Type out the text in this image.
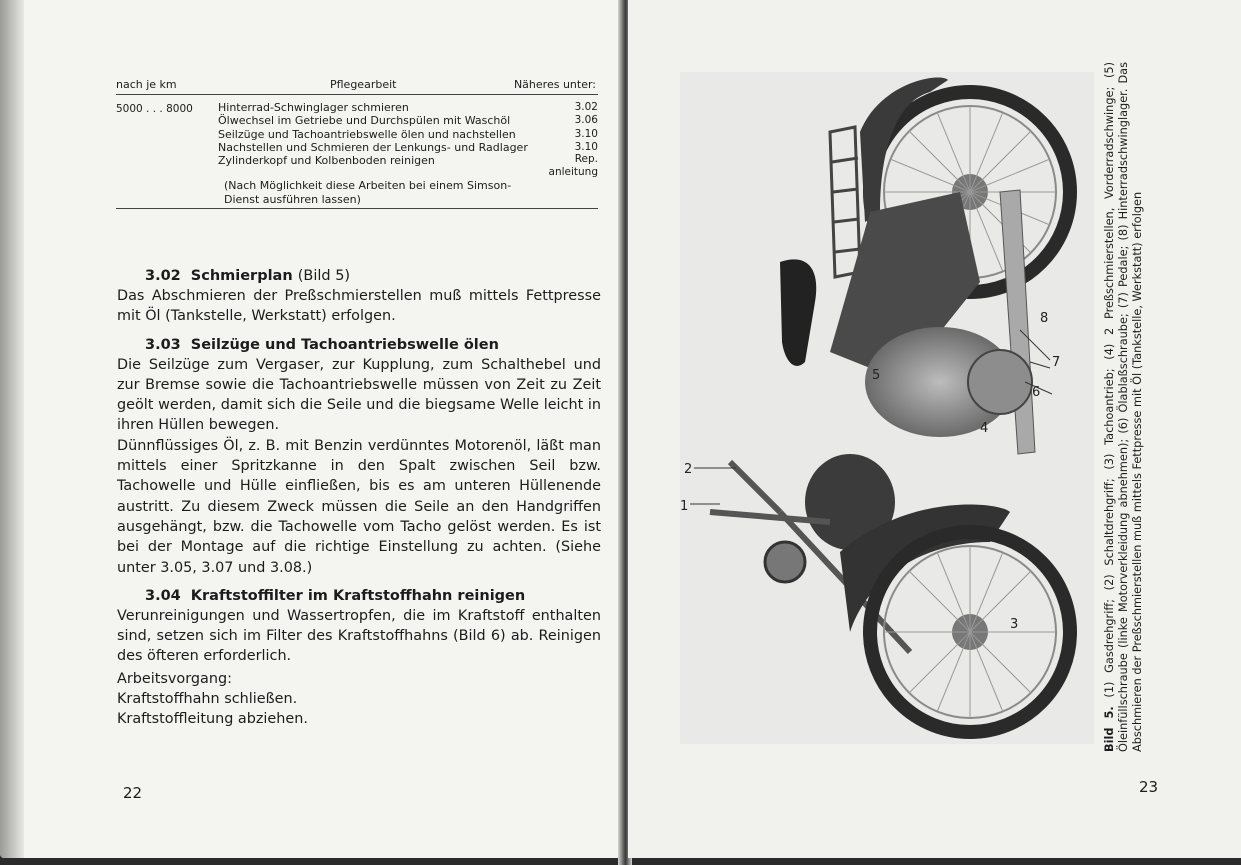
nach je km	Pflegearbeit	Näheres unter:
5000 . . . 8000	Hinterrad-Schwinglager schmieren	3.02
Ölwechsel im Getriebe und Durchspülen mit Waschöl	3.06
Seilzüge und Tachoantriebswelle ölen und nachstellen	3.10
Nachstellen und Schmieren der Lenkungs- und Radlager	3.10
Zylinderkopf und Kolbenboden reinigen	Rep. anleitung
(Nach Möglichkeit diese Arbeiten bei einem Simson-Dienst ausführen lassen)

3.02 Schmierplan (Bild 5)

Das Abschmieren der Preßschmierstellen muß mittels Fettpresse mit Öl (Tankstelle, Werkstatt) erfolgen.

3.03 Seilzüge und Tachoantriebswelle ölen

Die Seilzüge zum Vergaser, zur Kupplung, zum Schalthebel und zur Bremse sowie die Tachoantriebswelle müssen von Zeit zu Zeit geölt werden, damit sich die Seile und die biegsame Welle leicht in ihren Hüllen bewegen.

Dünnflüssiges Öl, z. B. mit Benzin verdünntes Motorenöl, läßt man mittels einer Spritzkanne in den Spalt zwischen Seil bzw. Tachowelle und Hülle einfließen, bis es am unteren Hüllenende austritt. Zu diesem Zweck müssen die Seile an den Handgriffen ausgehängt, bzw. die Tachowelle vom Tacho gelöst werden. Es ist bei der Montage auf die richtige Einstellung zu achten. (Siehe unter 3.05, 3.07 und 3.08.)

3.04 Kraftstoffilter im Kraftstoffhahn reinigen

Verunreinigungen und Wassertropfen, die im Kraftstoff enthalten sind, setzen sich im Filter des Kraftstoffhahns (Bild 6) ab. Reinigen des öfteren erforderlich.

Arbeitsvorgang:

Kraftstoffhahn schließen.

Kraftstoffleitung abziehen.

22
1
2
3
4
5
6
7
8
Bild 5. (1) Gasdrehgriff; (2) Schaltdrehgriff; (3) Tachoantrieb; (4) 2 Preßschmierstellen, Vorderradschwinge; (5) Öleinfüllschraube (linke Motorverkleidung abnehmen); (6) Ölablaßschraube; (7) Pedale; (8) Hinterradschwinglager. Das Abschmieren der Preßschmierstellen muß mittels Fettpresse mit Öl (Tankstelle, Werkstatt) erfolgen
23
